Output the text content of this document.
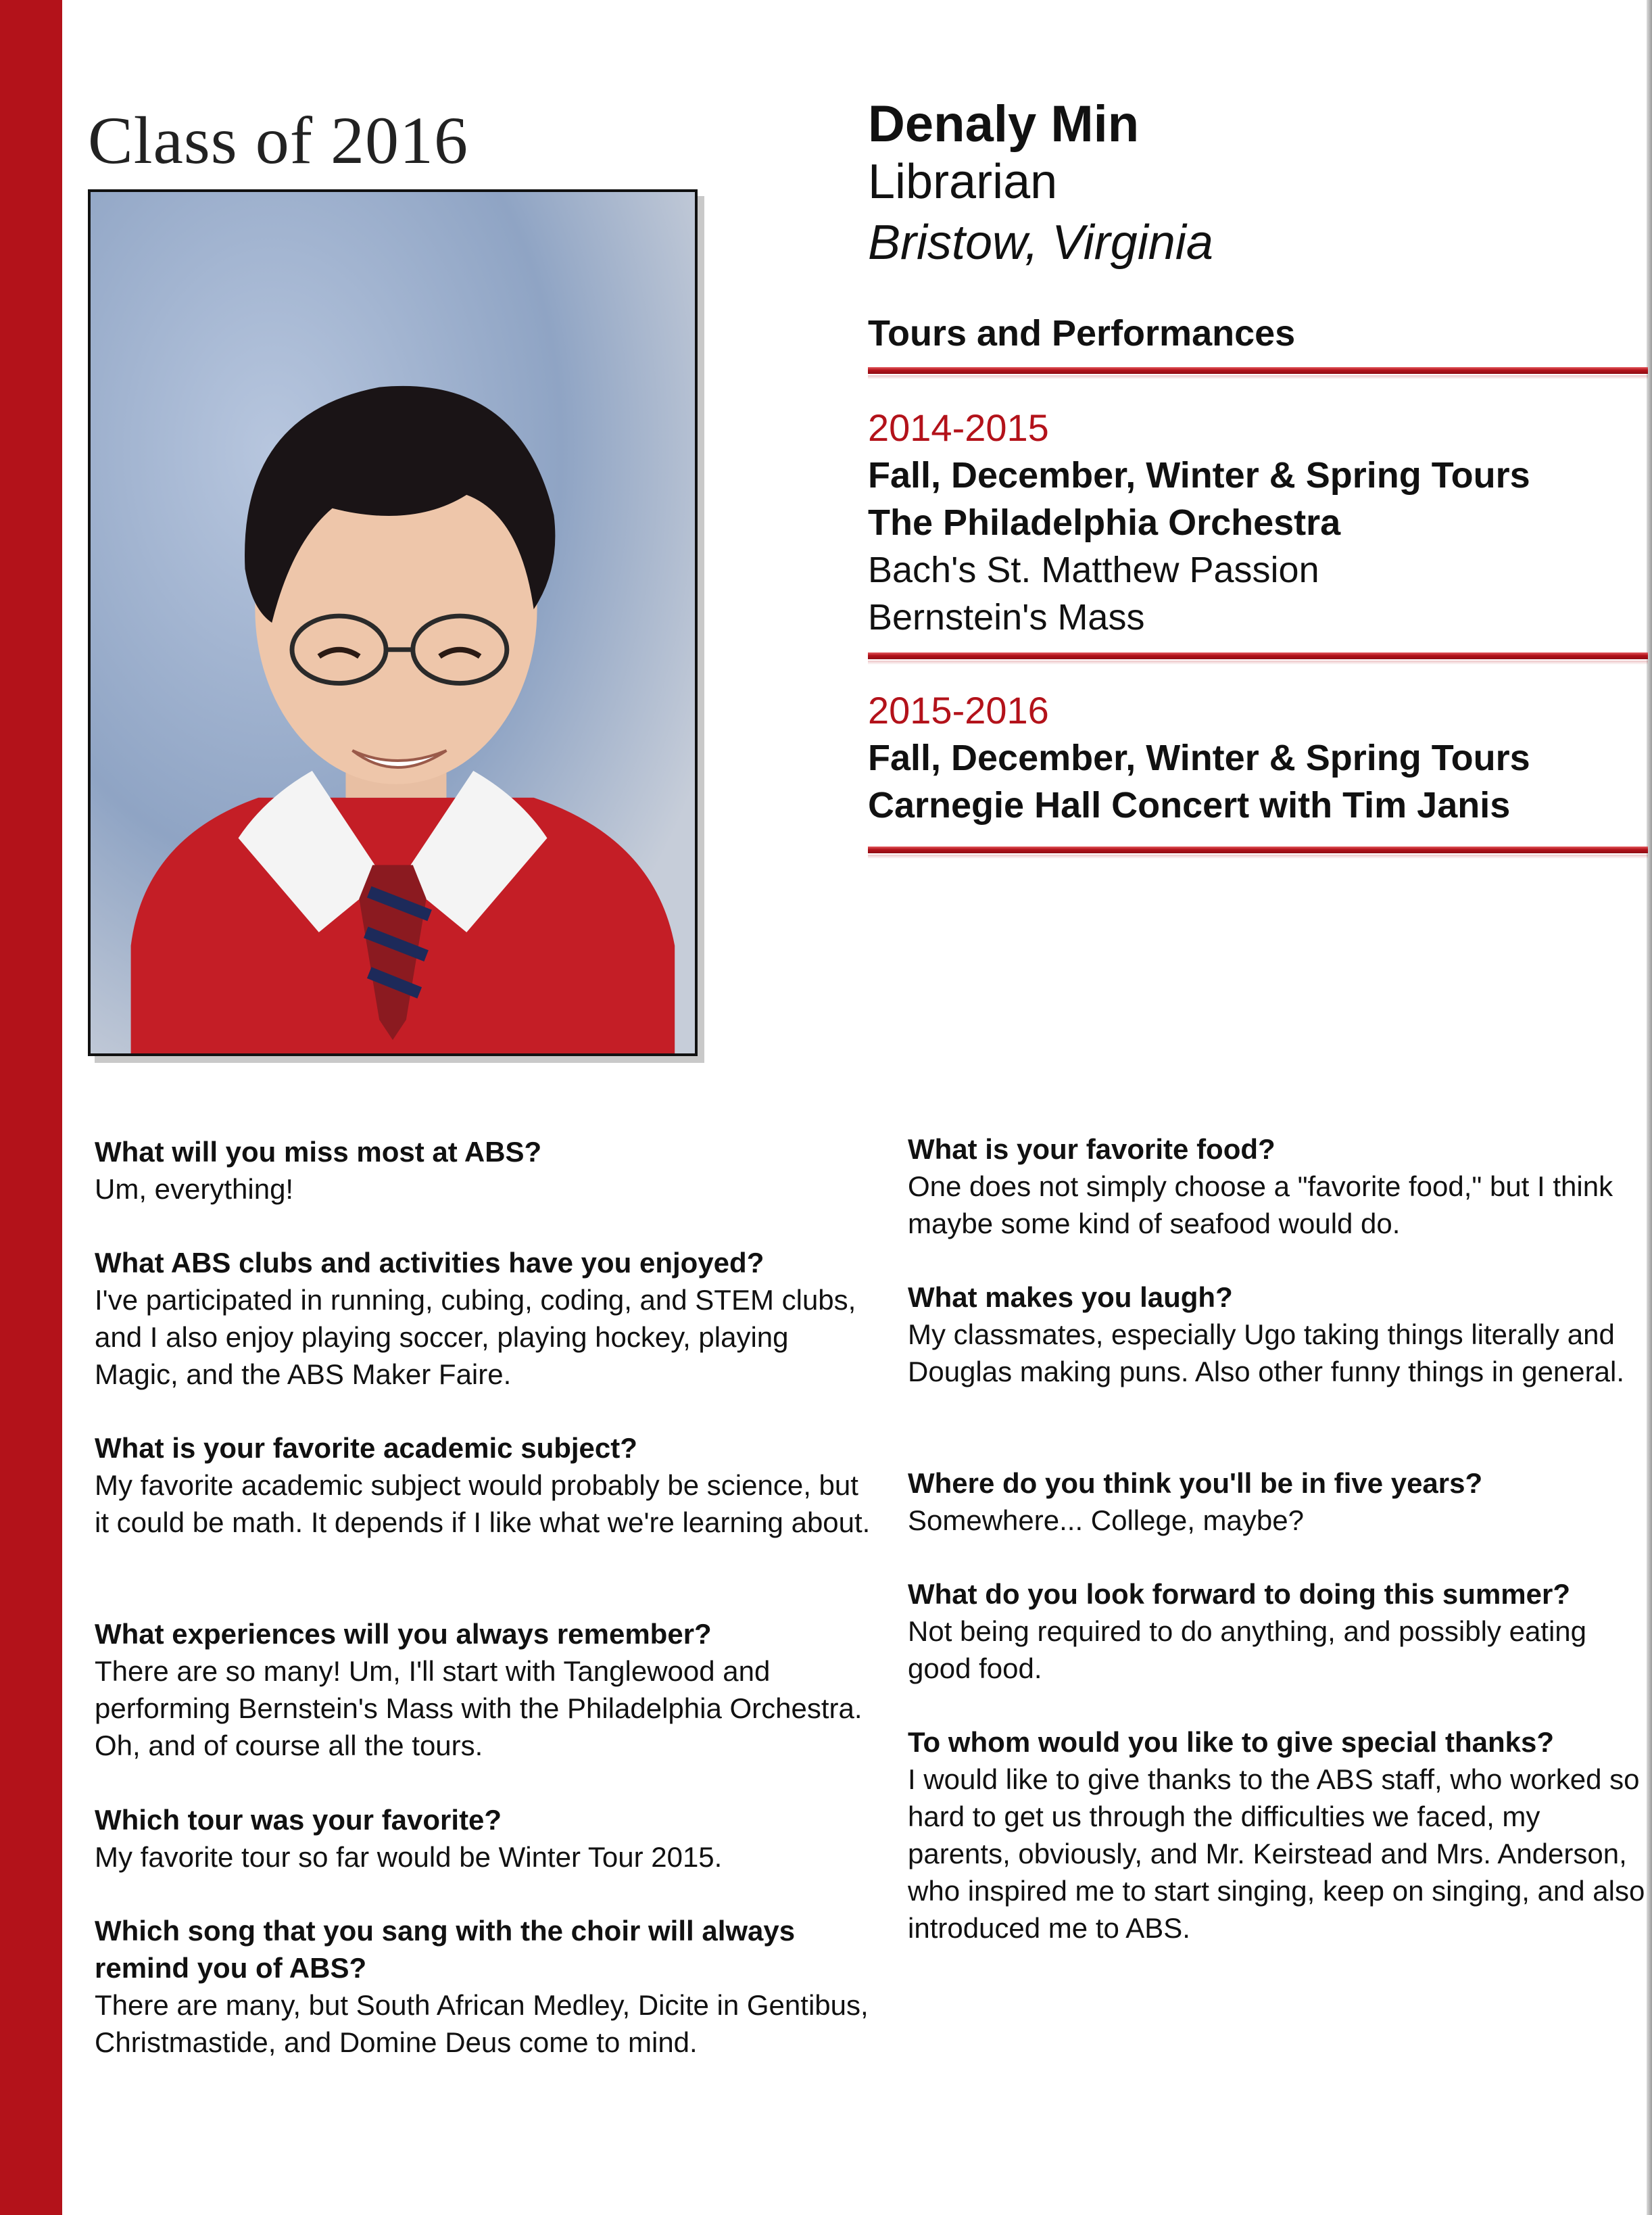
Class of 2016	Denaly Min
Librarian
Bristow, Virginia
Tours and Performances
2014-2015
Fall, December, Winter & Spring Tours
The Philadelphia Orchestra
Bach's St. Matthew Passion
Bernstein's Mass
2015-2016
Fall, December, Winter & Spring Tours
Carnegie Hall Concert with Tim Janis

What will you miss most at ABS?

Um, everything!

What ABS clubs and activities have you enjoyed?

I've participated in running, cubing, coding, and STEM clubs, and I also enjoy playing soccer, playing hockey, playing Magic, and the ABS Maker Faire.

What is your favorite academic subject?

My favorite academic subject would probably be science, but it could be math. It depends if I like what we're learning about.

What experiences will you always remember?

There are so many! Um, I'll start with Tanglewood and performing Bernstein's Mass with the Philadelphia Orchestra. Oh, and of course all the tours.

Which tour was your favorite?

My favorite tour so far would be Winter Tour 2015.

Which song that you sang with the choir will always remind you of ABS?

There are many, but South African Medley, Dicite in Gentibus, Christmastide, and Domine Deus come to mind.

What is your favorite food?

One does not simply choose a "favorite food," but I think maybe some kind of seafood would do.

What makes you laugh?

My classmates, especially Ugo taking things literally and Douglas making puns. Also other funny things in general.

Where do you think you'll be in five years?

Somewhere... College, maybe?

What do you look forward to doing this summer?

Not being required to do anything, and possibly eating good food.

To whom would you like to give special thanks?

I would like to give thanks to the ABS staff, who worked so hard to get us through the difficulties we faced, my parents, obviously, and Mr. Keirstead and Mrs. Anderson, who inspired me to start singing, keep on singing, and also introduced me to ABS.
